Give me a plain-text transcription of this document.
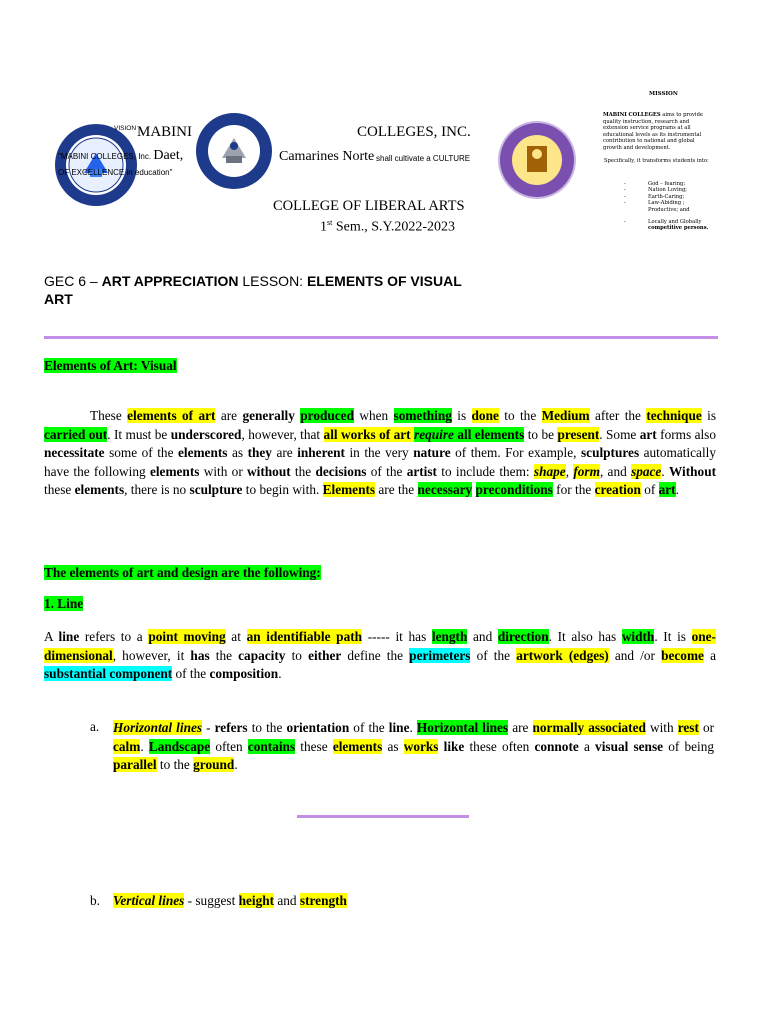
VISION MABINI	COLLEGES, INC.
"MABINI COLLEGES, Inc. Daet,	Camarines Norte shall cultivate a CULTURE
OF EXCELLENCE in education"
COLLEGE OF LIBERAL ARTS
1st Sem., S.Y.2022-2023
MISSION
MABINI COLLEGES aims to provide quality instruction, research and extension service programs at all educational levels as its instrumental contribution to national and global growth and development.
Specifically, it transforms students into:
-	God – fearing;
-	Nation Loving;
-	Earth-Caring;
-	Law-Abiding ;
Productive; and
-	Locally and Globally
competitive persons.
GEC 6 – ART APPRECIATION LESSON: ELEMENTS OF VISUAL
ART
Elements of Art: Visual
These elements of art are generally produced when something is done to the Medium after the technique is carried out. It must be underscored, however, that all works of art require all elements to be present. Some art forms also necessitate some of the elements as they are inherent in the very nature of them. For example, sculptures automatically have the following elements with or without the decisions of the artist to include them: shape, form, and space. Without these elements, there is no sculpture to begin with. Elements are the necessary preconditions for the creation of art.
The elements of art and design are the following:
1. Line
A line refers to a point moving at an identifiable path ----- it has length and direction. It also has width. It is one-dimensional, however, it has the capacity to either define the perimeters of the artwork (edges) and /or become a substantial component of the composition.
a. Horizontal lines - refers to the orientation of the line. Horizontal lines are normally associated with rest or calm. Landscape often contains these elements as works like these often connote a visual sense of being parallel to the ground.
b. Vertical lines - suggest height and strength
